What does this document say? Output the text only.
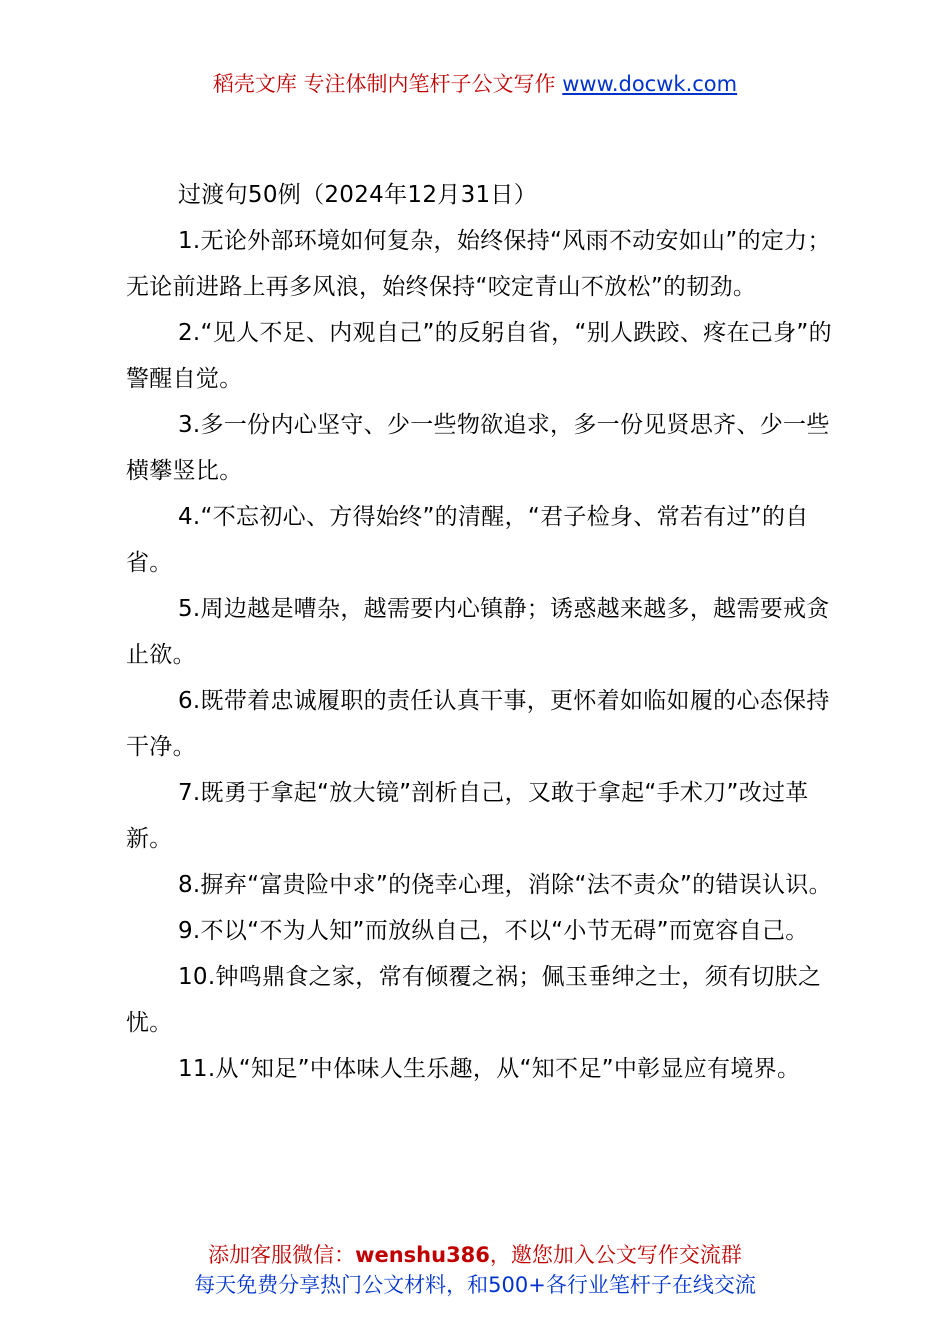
稻壳文库 专注体制内笔杆子公文写作 www.docwk.com

过渡句50例（2024年12月31日）

1.无论外部环境如何复杂，始终保持“风雨不动安如山”的定力；无论前进路上再多风浪，始终保持“咬定青山不放松”的韧劲。

2.“见人不足、内观自己”的反躬自省，“别人跌跤、疼在己身”的警醒自觉。

3.多一份内心坚守、少一些物欲追求，多一份见贤思齐、少一些横攀竖比。

4.“不忘初心、方得始终”的清醒，“君子检身、常若有过”的自省。

5.周边越是嘈杂，越需要内心镇静；诱惑越来越多，越需要戒贪止欲。

6.既带着忠诚履职的责任认真干事，更怀着如临如履的心态保持干净。

7.既勇于拿起“放大镜”剖析自己，又敢于拿起“手术刀”改过革新。

8.摒弃“富贵险中求”的侥幸心理，消除“法不责众”的错误认识。

9.不以“不为人知”而放纵自己，不以“小节无碍”而宽容自己。

10.钟鸣鼎食之家，常有倾覆之祸；佩玉垂绅之士，须有切肤之忧。

11.从“知足”中体味人生乐趣，从“知不足”中彰显应有境界。

添加客服微信：wenshu386，邀您加入公文写作交流群
每天免费分享热门公文材料，和500+各行业笔杆子在线交流
